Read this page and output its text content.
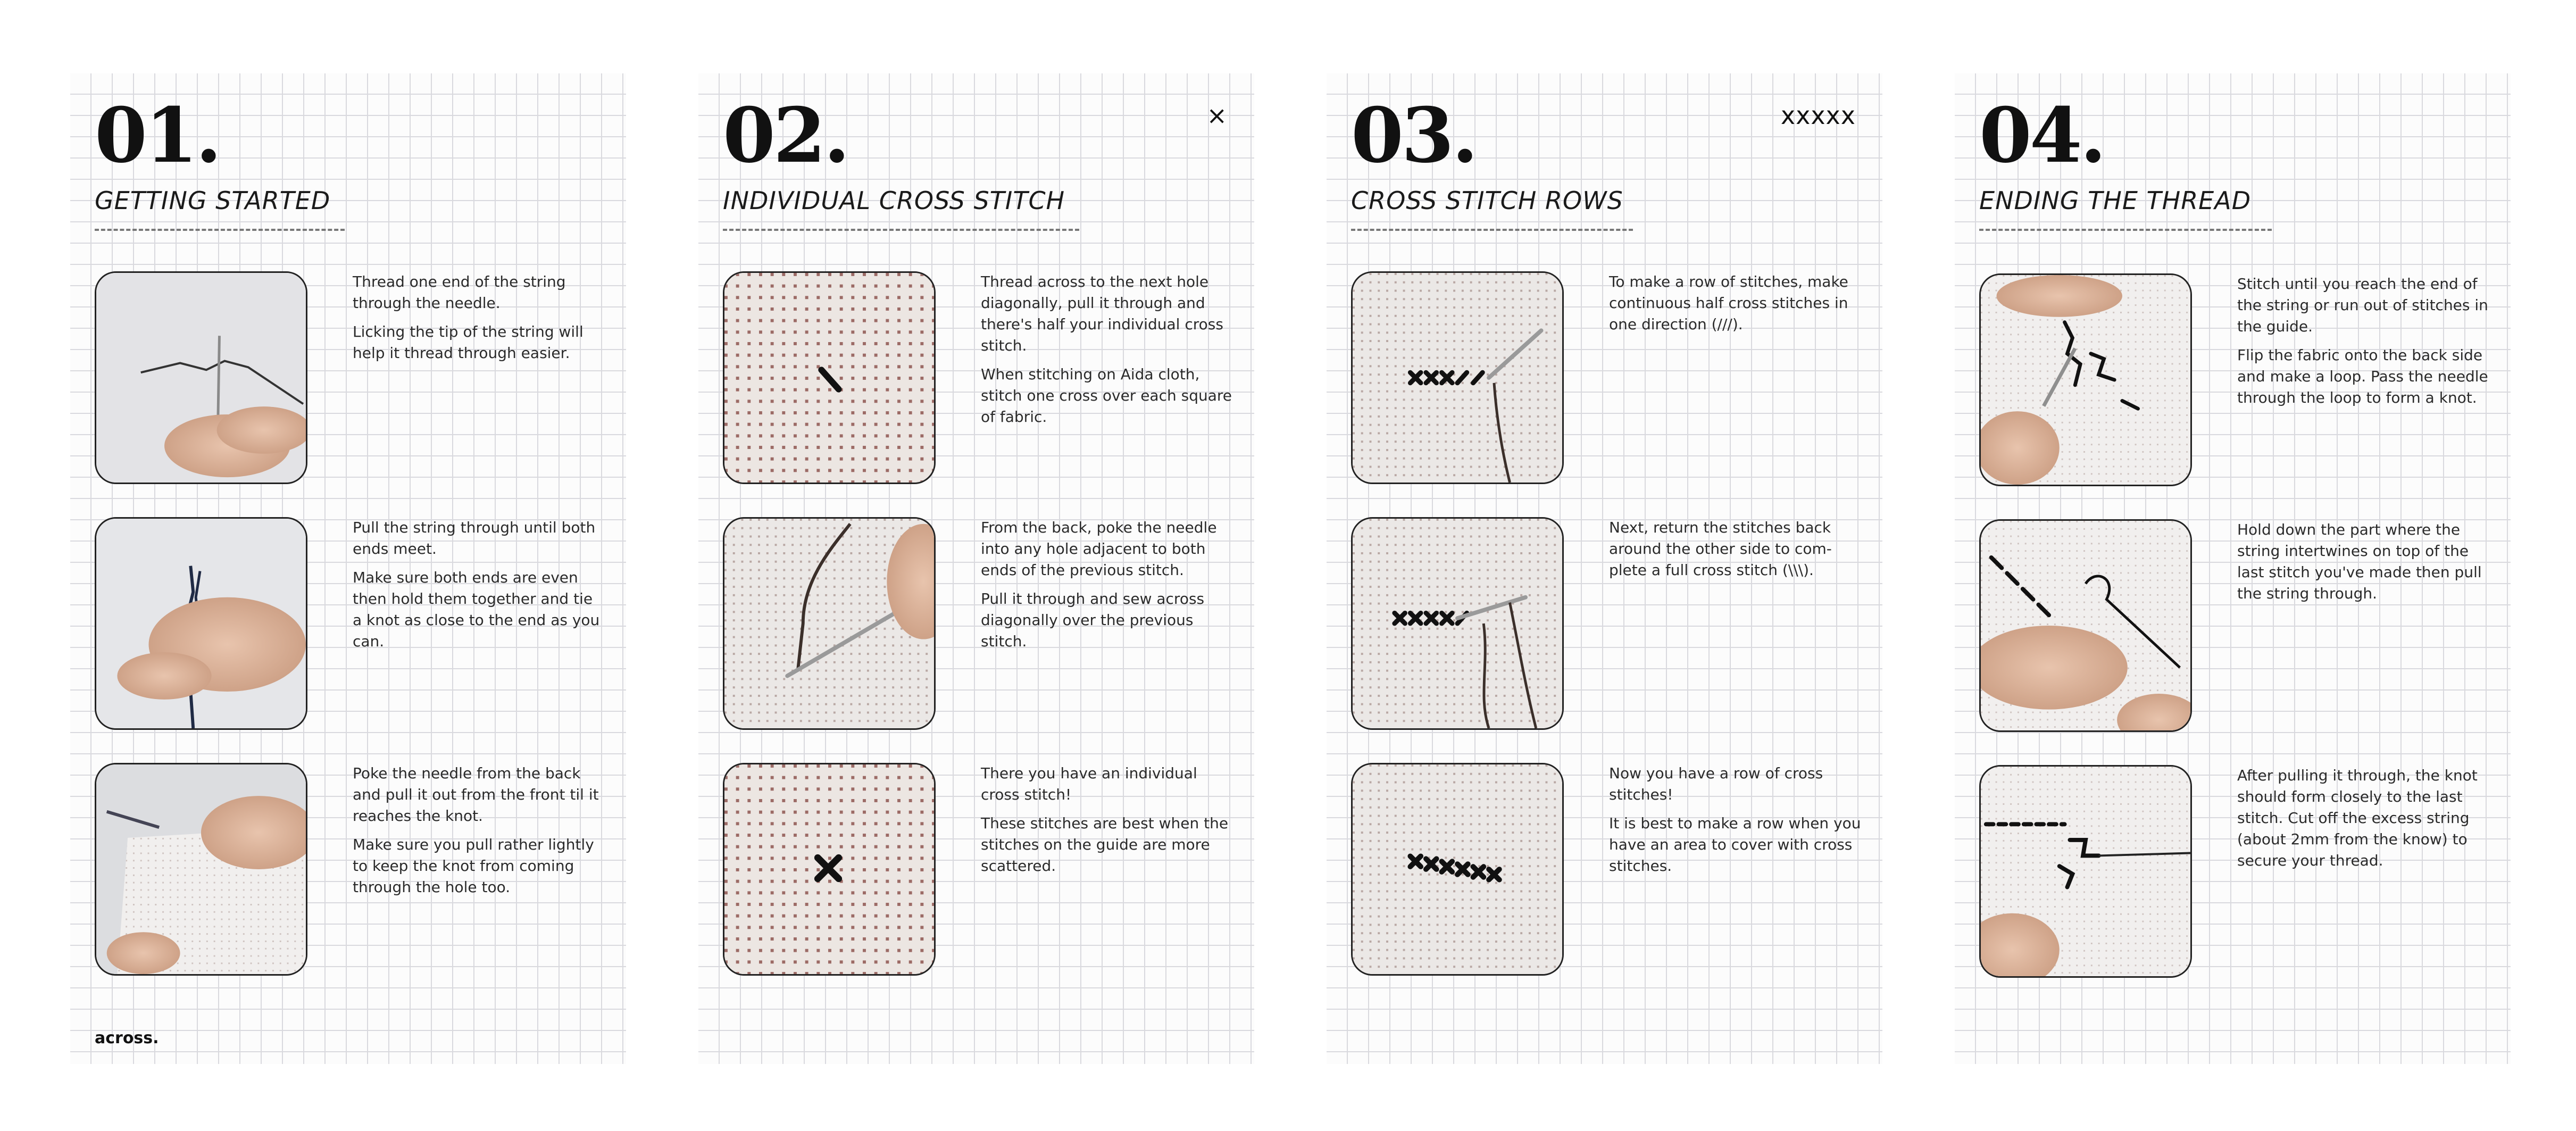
01.
GETTING STARTED

Thread one end of the string through the needle.

Licking the tip of the string will help it thread through easier.

Pull the string through until both ends meet.

Make sure both ends are even then hold them together and tie a knot as close to the end as you can.

Poke the needle from the back and pull it out from the front til it reaches the knot.

Make sure you pull rather lightly to keep the knot from coming through the hole too.

across.

02.	×
INDIVIDUAL CROSS STITCH

Thread across to the next hole diagonally, pull it through and there's half your individual cross stitch.

When stitching on Aida cloth, stitch one cross over each square of fabric.

From the back, poke the needle into any hole adjacent to both ends of the previous stitch.

Pull it through and sew across diagonally over the previous stitch.

There you have an individual cross stitch!

These stitches are best when the stitches on the guide are more scattered.

03.	xxxxx
CROSS STITCH ROWS

To make a row of stitches, make continuous half cross stitches in one direction (///).

Next, return the stitches back around the other side to com-plete a full cross stitch (\\\).

Now you have a row of cross stitches!

It is best to make a row when you have an area to cover with cross stitches.

04.
ENDING THE THREAD

Stitch until you reach the end of the string or run out of stitches in the guide.

Flip the fabric onto the back side and make a loop. Pass the needle through the loop to form a knot.

Hold down the part where the string intertwines on top of the last stitch you've made then pull the string through.

After pulling it through, the knot should form closely to the last stitch. Cut off the excess string (about 2mm from the know) to secure your thread.
